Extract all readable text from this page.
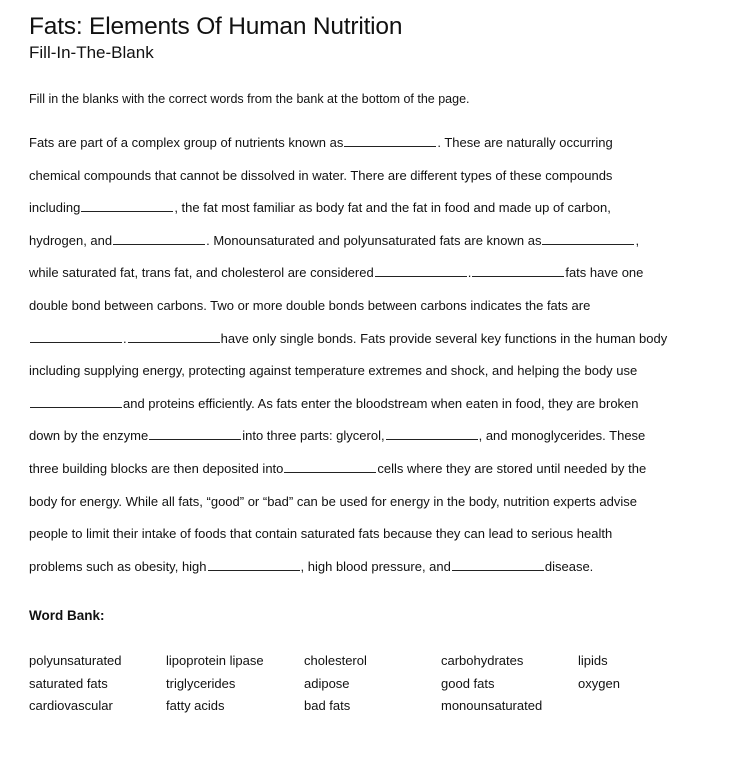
Fats: Elements Of Human Nutrition
Fill-In-The-Blank

Fill in the blanks with the correct words from the bank at the bottom of the page.

Fats are part of a complex group of nutrients known as	. These are naturally occurring
chemical compounds that cannot be dissolved in water. There are different types of these compounds
including	, the fat most familiar as body fat and the fat in food and made up of carbon,
hydrogen, and	. Monounsaturated and polyunsaturated fats are known as	,
while saturated fat, trans fat, and cholesterol are considered	.	fats have one
double bond between carbons. Two or more double bonds between carbons indicates the fats are
.	have only single bonds. Fats provide several key functions in the human body
including supplying energy, protecting against temperature extremes and shock, and helping the body use
and proteins efficiently. As fats enter the bloodstream when eaten in food, they are broken
down by the enzyme	into three parts: glycerol,	, and monoglycerides. These
three building blocks are then deposited into	cells where they are stored until needed by the
body for energy. While all fats, “good” or “bad” can be used for energy in the body, nutrition experts advise
people to limit their intake of foods that contain saturated fats because they can lead to serious health
problems such as obesity, high	, high blood pressure, and	disease.
Word Bank:
polyunsaturated	lipoprotein lipase	cholesterol	carbohydrates	lipids
saturated fats	triglycerides	adipose	good fats	oxygen
cardiovascular	fatty acids	bad fats	monounsaturated
